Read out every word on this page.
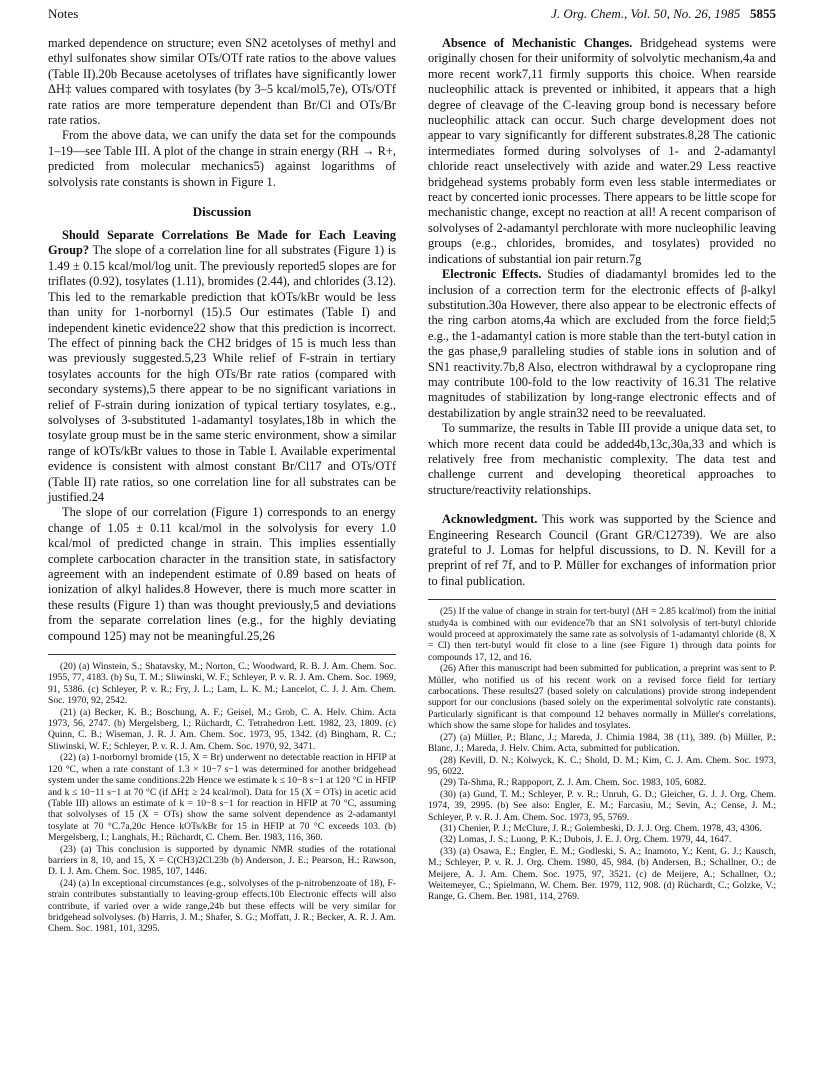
Notes	J. Org. Chem., Vol. 50, No. 26, 1985 5855

marked dependence on structure; even SN2 acetolyses of methyl and ethyl sulfonates show similar OTs/OTf rate ratios to the above values (Table II).20b Because acetolyses of triflates have significantly lower ΔH‡ values compared with tosylates (by 3–5 kcal/mol5,7e), OTs/OTf rate ratios are more temperature dependent than Br/Cl and OTs/Br rate ratios.

From the above data, we can unify the data set for the compounds 1–19—see Table III. A plot of the change in strain energy (RH → R+, predicted from molecular mechanics5) against logarithms of solvolysis rate constants is shown in Figure 1.

Discussion

Should Separate Correlations Be Made for Each Leaving Group? The slope of a correlation line for all substrates (Figure 1) is 1.49 ± 0.15 kcal/mol/log unit. The previously reported5 slopes are for triflates (0.92), tosylates (1.11), bromides (2.44), and chlorides (3.12). This led to the remarkable prediction that kOTs/kBr would be less than unity for 1-norbornyl (15).5 Our estimates (Table I) and independent kinetic evidence22 show that this prediction is incorrect. The effect of pinning back the CH2 bridges of 15 is much less than was previously suggested.5,23 While relief of F-strain in tertiary tosylates accounts for the high OTs/Br rate ratios (compared with secondary systems),5 there appear to be no significant variations in relief of F-strain during ionization of typical tertiary tosylates, e.g., solvolyses of 3-substituted 1-adamantyl tosylates,18b in which the tosylate group must be in the same steric environment, show a similar range of kOTs/kBr values to those in Table I. Available experimental evidence is consistent with almost constant Br/Cl17 and OTs/OTf (Table II) rate ratios, so one correlation line for all substrates can be justified.24

The slope of our correlation (Figure 1) corresponds to an energy change of 1.05 ± 0.11 kcal/mol in the solvolysis for every 1.0 kcal/mol of predicted change in strain. This implies essentially complete carbocation character in the transition state, in satisfactory agreement with an independent estimate of 0.89 based on heats of ionization of alkyl halides.8 However, there is much more scatter in these results (Figure 1) than was thought previously,5 and deviations from the separate correlation lines (e.g., for the highly deviating compound 125) may not be meaningful.25,26

(20) (a) Winstein, S.; Shatavsky, M.; Norton, C.; Woodward, R. B. J. Am. Chem. Soc. 1955, 77, 4183. (b) Su, T. M.; Sliwinski, W. F.; Schleyer, P. v. R. J. Am. Chem. Soc. 1969, 91, 5386. (c) Schleyer, P. v. R.; Fry, J. L.; Lam, L. K. M.; Lancelot, C. J. J. Am. Chem. Soc. 1970, 92, 2542.

(21) (a) Becker, K. B.; Boschung, A. F.; Geisel, M.; Grob, C. A. Helv. Chim. Acta 1973, 56, 2747. (b) Mergelsberg, I.; Rüchardt, C. Tetrahedron Lett. 1982, 23, 1809. (c) Quinn, C. B.; Wiseman, J. R. J. Am. Chem. Soc. 1973, 95, 1342. (d) Bingham, R. C.; Sliwinski, W. F.; Schleyer, P. v. R. J. Am. Chem. Soc. 1970, 92, 3471.

(22) (a) 1-norbornyl bromide (15, X = Br) underwent no detectable reaction in HFIP at 120 °C, when a rate constant of 1.3 × 10−7 s−1 was determined for another bridgehead system under the same conditions.22b Hence we estimate k ≤ 10−8 s−1 at 120 °C in HFIP and k ≤ 10−11 s−1 at 70 °C (if ΔH‡ ≥ 24 kcal/mol). Data for 15 (X = OTs) in acetic acid (Table III) allows an estimate of k = 10−8 s−1 for reaction in HFIP at 70 °C, assuming that solvolyses of 15 (X = OTs) show the same solvent dependence as 2-adamantyl tosylate at 70 °C.7a,20c Hence kOTs/kBr for 15 in HFIP at 70 °C exceeds 103. (b) Mergelsberg, I.; Langhals, H.; Rüchardt, C. Chem. Ber. 1983, 116, 360.

(23) (a) This conclusion is supported by dynamic NMR studies of the rotational barriers in 8, 10, and 15, X = C(CH3)2Cl.23b (b) Anderson, J. E.; Pearson, H.; Rawson, D. I. J. Am. Chem. Soc. 1985, 107, 1446.

(24) (a) In exceptional circumstances (e.g., solvolyses of the p-nitrobenzoate of 18), F-strain contributes substantially to leaving-group effects.10b Electronic effects will also contribute, if varied over a wide range,24b but these effects will be very similar for bridgehead solvolyses. (b) Harris, J. M.; Shafer, S. G.; Moffatt, J. R.; Becker, A. R. J. Am. Chem. Soc. 1981, 101, 3295.

Absence of Mechanistic Changes. Bridgehead systems were originally chosen for their uniformity of solvolytic mechanism,4a and more recent work7,11 firmly supports this choice. When rearside nucleophilic attack is prevented or inhibited, it appears that a high degree of cleavage of the C-leaving group bond is necessary before nucleophilic attack can occur. Such charge development does not appear to vary significantly for different substrates.8,28 The cationic intermediates formed during solvolyses of 1- and 2-adamantyl chloride react unselectively with azide and water.29 Less reactive bridgehead systems probably form even less stable intermediates or react by concerted ionic processes. There appears to be little scope for mechanistic change, except no reaction at all! A recent comparison of solvolyses of 2-adamantyl perchlorate with more nucleophilic leaving groups (e.g., chlorides, bromides, and tosylates) provided no indications of substantial ion pair return.7g

Electronic Effects. Studies of diadamantyl bromides led to the inclusion of a correction term for the electronic effects of β-alkyl substitution.30a However, there also appear to be electronic effects of the ring carbon atoms,4a which are excluded from the force field;5 e.g., the 1-adamantyl cation is more stable than the tert-butyl cation in the gas phase,9 paralleling studies of stable ions in solution and of SN1 reactivity.7b,8 Also, electron withdrawal by a cyclopropane ring may contribute 100-fold to the low reactivity of 16.31 The relative magnitudes of stabilization by long-range electronic effects and of destabilization by angle strain32 need to be reevaluated.

To summarize, the results in Table III provide a unique data set, to which more recent data could be added4b,13c,30a,33 and which is relatively free from mechanistic complexity. The data test and challenge current and developing theoretical approaches to structure/reactivity relationships.

Acknowledgment. This work was supported by the Science and Engineering Research Council (Grant GR/C12739). We are also grateful to J. Lomas for helpful discussions, to D. N. Kevill for a preprint of ref 7f, and to P. Müller for exchanges of information prior to final publication.

(25) If the value of change in strain for tert-butyl (ΔH = 2.85 kcal/mol) from the initial study4a is combined with our evidence7b that an SN1 solvolysis of tert-butyl chloride would proceed at approximately the same rate as solvolysis of 1-adamantyl chloride (8, X = Cl) then tert-butyl would fit close to a line (see Figure 1) through data points for compounds 17, 12, and 16.

(26) After this manuscript had been submitted for publication, a preprint was sent to P. Müller, who notified us of his recent work on a revised force field for tertiary carbocations. These results27 (based solely on calculations) provide strong independent support for our conclusions (based solely on the experimental solvolytic rate constants). Particularly significant is that compound 12 behaves normally in Müller's correlations, which show the same slope for halides and tosylates.

(27) (a) Müller, P.; Blanc, J.; Mareda, J. Chimia 1984, 38 (11), 389. (b) Müller, P.; Blanc, J.; Mareda, J. Helv. Chim. Acta, submitted for publication.

(28) Kevill, D. N.; Kolwyck, K. C.; Shold, D. M.; Kim, C. J. Am. Chem. Soc. 1973, 95, 6022.

(29) Ta-Shma, R.; Rappoport, Z. J. Am. Chem. Soc. 1983, 105, 6082.

(30) (a) Gund, T. M.; Schleyer, P. v. R.; Unruh, G. D.; Gleicher, G. J. J. Org. Chem. 1974, 39, 2995. (b) See also: Engler, E. M.; Farcasiu, M.; Sevin, A.; Cense, J. M.; Schleyer, P. v. R. J. Am. Chem. Soc. 1973, 95, 5769.

(31) Chenier, P. J.; McClure, J. R.; Golembeski, D. J. J. Org. Chem. 1978, 43, 4306.

(32) Lomas, J. S.; Luong, P. K.; Dubois, J. E. J. Org. Chem. 1979, 44, 1647.

(33) (a) Osawa, E.; Engler, E. M.; Godleski, S. A.; Inamoto, Y.; Kent, G. J.; Kausch, M.; Schleyer, P. v. R. J. Org. Chem. 1980, 45, 984. (b) Andersen, B.; Schallner, O.; de Meijere, A. J. Am. Chem. Soc. 1975, 97, 3521. (c) de Meijere, A.; Schallner, O.; Weitemeyer, C.; Spielmann, W. Chem. Ber. 1979, 112, 908. (d) Rüchardt, C.; Golzke, V.; Range, G. Chem. Ber. 1981, 114, 2769.
